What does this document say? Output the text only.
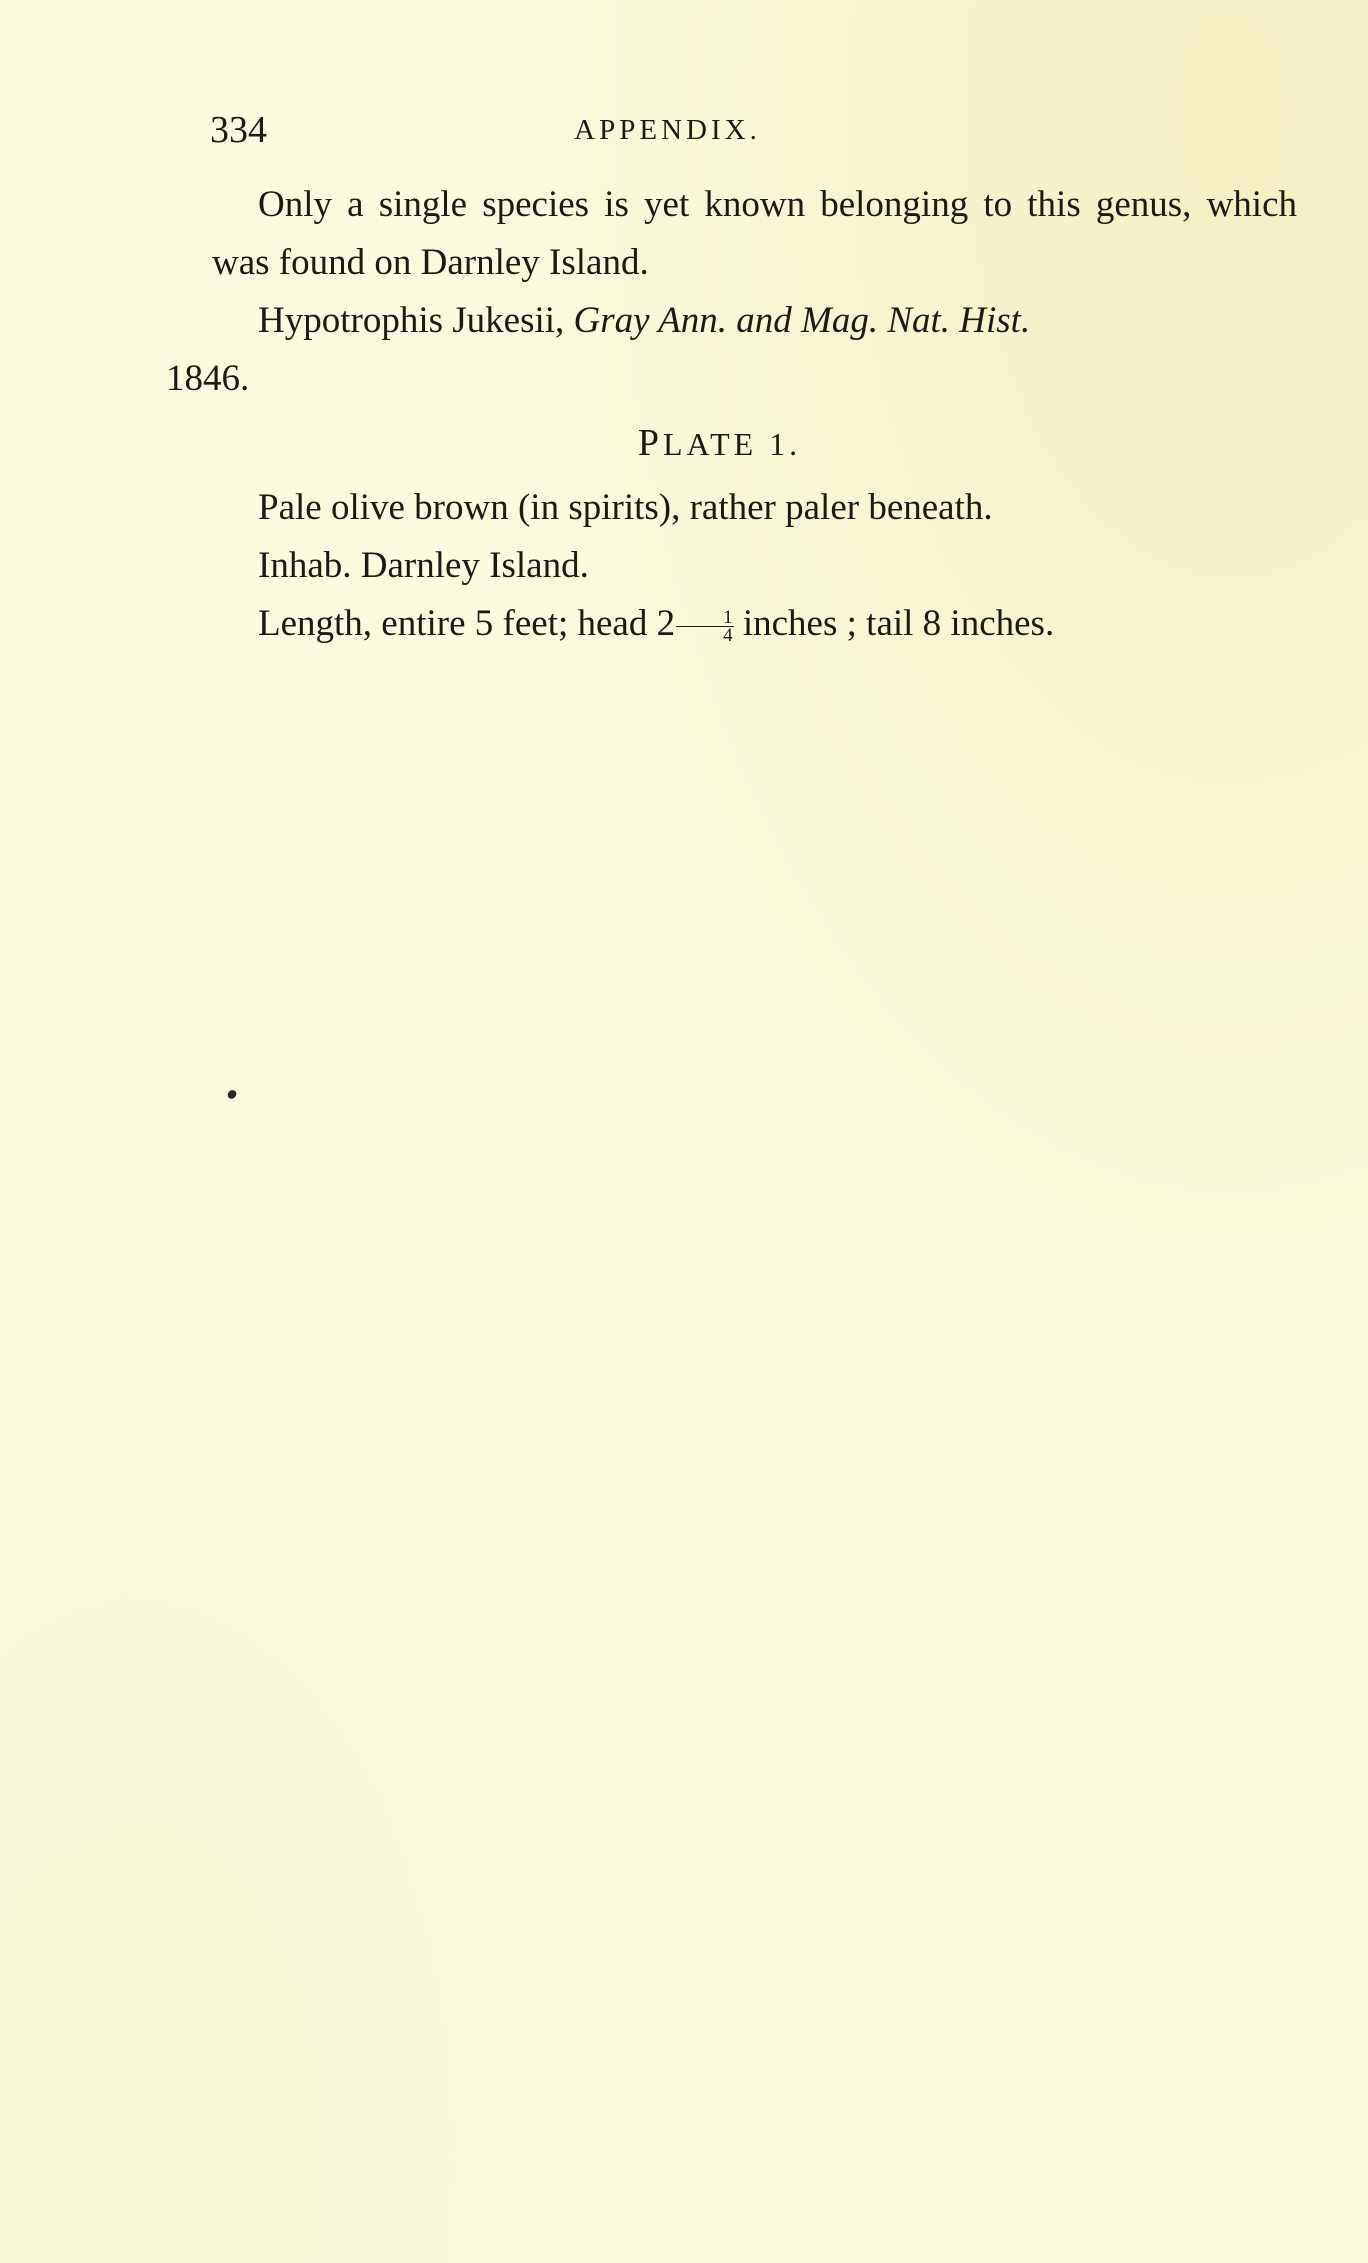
334	APPENDIX.

Only a single species is yet known belonging to this genus, which was found on Darnley Island.

Hypotrophis Jukesii, Gray Ann. and Mag. Nat. Hist.
1846.

PLATE 1.

Pale olive brown (in spirits), rather paler beneath.

Inhab. Darnley Island.

Length, entire 5 feet; head $2 \frac{1}{4}$ inches ; tail 8 inches.
